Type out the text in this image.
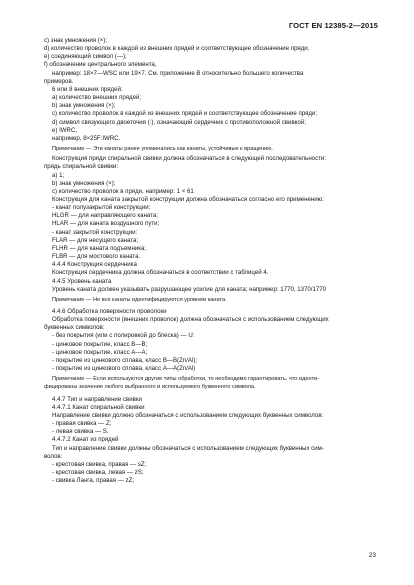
ГОСТ EN 12385-2—2015

с) знак умножения (×);

d) количество проволок в каждой из внешних прядей и соответствующее обозначение пряди,

e) соединяющий символ (—);

f) обозначение центрального элемента,

например: 18×7—WSC или 19×7. См. приложение В относительно большего количества

примеров.

6 или 8 внешних прядей:

а) количество внешних прядей;

b) знак умножения (×);

с) количество проволок в каждой из внешних прядей и соответствующее обозначение пряди;

d) символ связующего двоеточия (:), означающий сердечник с противоположной свивкой;

e) IWRC,

например, 8×25F:IWRC.

Примечание — Эти канаты ранее упоминались как канаты, устойчивые к вращению.

Конструкция пряди спиральной свивки должна обозначаться в следующей последовательности:

прядь спиральной свивки:

а) 1;

b) знак умножения (×);

с) количество проволок в пряди, например: 1 × 61

Конструкция для каната закрытой конструкции должна обозначаться согласно его применению:

- канат полузакрытой конструкции:

HLGR — для направляющего каната;

HLAR — для каната воздушного пути;

- канат закрытой конструкции:

FLAR — для несущего каната;

FLHR — для каната подъемника;

FLBR — для мостового каната.

4.4.4 Конструкция сердечника

Конструкция сердечника должна обозначаться в соответствии с таблицей 4.

4.4.5 Уровень каната

Уровень каната должен указывать разрушающее усилие для каната; например: 1770, 1370/1770

Примечание — Не все канаты идентифицируются уровнем каната.

4.4.6 Обработка поверхности проволоки

Обработка поверхности (внешних проволок) должна обозначаться с использованием следующих

буквенных символов:

- без покрытия (или с полировкой до блеска) — U:

- цинковое покрытие, класс В—В;

- цинковое покрытие, класс А—А;

- покрытие из цинкового сплава, класс В—В(Zn/Al);

- покрытие из цинкового сплава, класс А—А(Zn/Al)

Примечание — Если используются другие типы обработки, то необходимо гарантировать, что иденти-

фицированы значение любого выбранного и используемого буквенного символа.

4.4.7 Тип и направление свивки

4.4.7.1 Канат спиральной свивки

Направление свивки должно обозначаться с использованием следующих буквенных символов:

- правая свивка — Z;

- левая свивка — S.

4.4.7.2 Канат из прядей

Тип и направление свивки должны обозначаться с использованием следующих буквенных сим-

волов:

- крестовая свивка, правая — sZ;

- крестовая свивка, левая — zS;

- свивка Ланга, правая — zZ;

23
